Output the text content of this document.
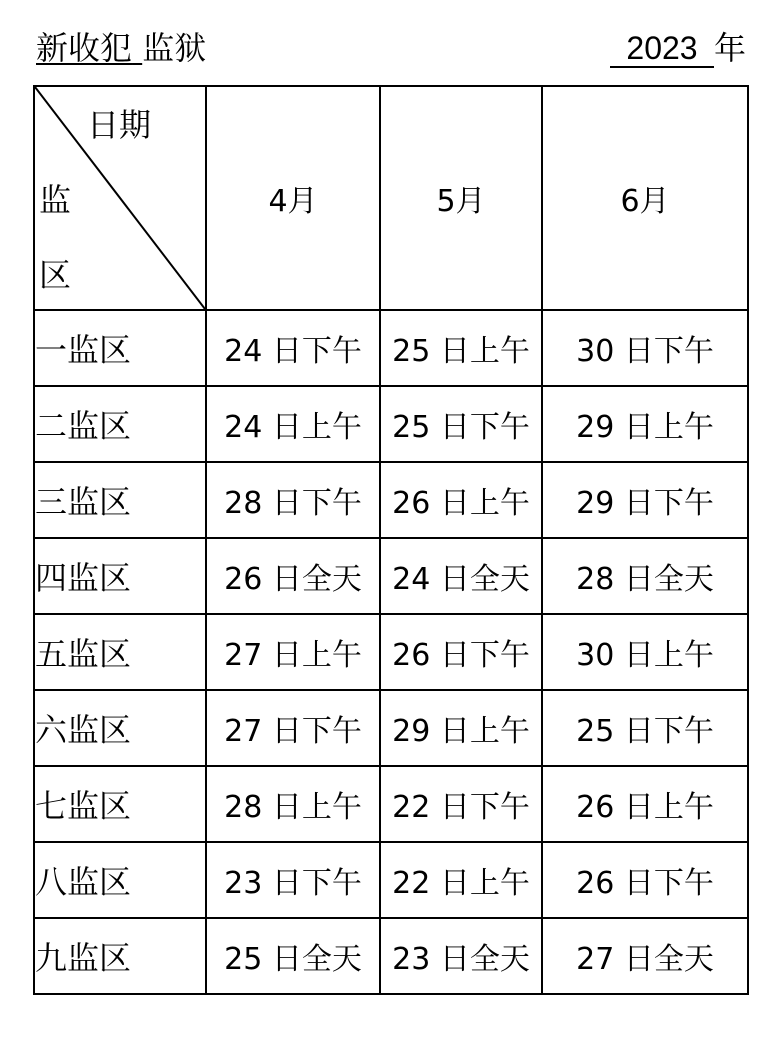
新收犯 监狱	2023 年
日期
监
区	4月	5月	6月
一监区	24 日下午	25 日上午	30 日下午
二监区	24 日上午	25 日下午	29 日上午
三监区	28 日下午	26 日上午	29 日下午
四监区	26 日全天	24 日全天	28 日全天
五监区	27 日上午	26 日下午	30 日上午
六监区	27 日下午	29 日上午	25 日下午
七监区	28 日上午	22 日下午	26 日上午
八监区	23 日下午	22 日上午	26 日下午
九监区	25 日全天	23 日全天	27 日全天
